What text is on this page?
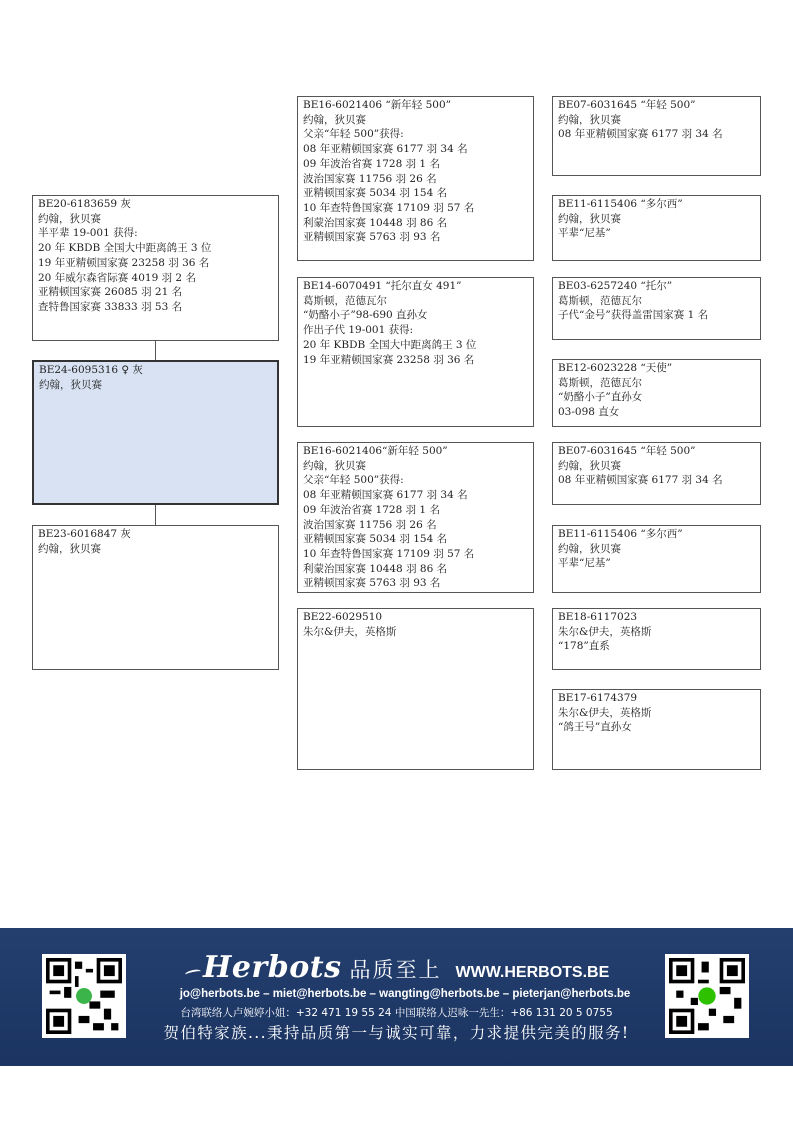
BE20-6183659 灰
约翰，狄贝赛
半平辈 19-001 获得:
20 年 KBDB 全国大中距离鸽王 3 位
19 年亚精顿国家赛 23258 羽 36 名
20 年威尔森省际赛 4019 羽 2 名
亚精顿国家赛 26085 羽 21 名
查特鲁国家赛 33833 羽 53 名
BE24-6095316 ♀ 灰
约翰，狄贝赛
BE23-6016847 灰
约翰，狄贝赛
BE16-6021406 “新年轻 500”
约翰，狄贝赛
父亲“年轻 500”获得:
08 年亚精顿国家赛 6177 羽 34 名
09 年波治省赛 1728 羽 1 名
波治国家赛 11756 羽 26 名
亚精顿国家赛 5034 羽 154 名
10 年查特鲁国家赛 17109 羽 57 名
利蒙治国家赛 10448 羽 86 名
亚精顿国家赛 5763 羽 93 名
BE14-6070491 “托尔直女 491”
葛斯顿，范德瓦尔
“奶酪小子”98-690 直孙女
作出子代 19-001 获得:
20 年 KBDB 全国大中距离鸽王 3 位
19 年亚精顿国家赛 23258 羽 36 名
BE16-6021406“新年轻 500”
约翰，狄贝赛
父亲“年轻 500”获得:
08 年亚精顿国家赛 6177 羽 34 名
09 年波治省赛 1728 羽 1 名
波治国家赛 11756 羽 26 名
亚精顿国家赛 5034 羽 154 名
10 年查特鲁国家赛 17109 羽 57 名
利蒙治国家赛 10448 羽 86 名
亚精顿国家赛 5763 羽 93 名
BE22-6029510
朱尔&伊夫，英格斯
BE07-6031645 “年轻 500”
约翰，狄贝赛
08 年亚精顿国家赛 6177 羽 34 名
BE11-6115406 “多尔西”
约翰，狄贝赛
平辈“尼基”
BE03-6257240 “托尔”
葛斯顿，范德瓦尔
子代“金号”获得盖雷国家赛 1 名
BE12-6023228 “天使”
葛斯顿，范德瓦尔
“奶酪小子”直孙女
03-098 直女
BE07-6031645 “年轻 500”
约翰，狄贝赛
08 年亚精顿国家赛 6177 羽 34 名
BE11-6115406 “多尔西”
约翰，狄贝赛
平辈“尼基”
BE18-6117023
朱尔&伊夫，英格斯
“178”直系
BE17-6174379
朱尔&伊夫，英格斯
“鸽王号”直孙女
Herbots 品质至上 WWW.HERBOTS.BE
jo@herbots.be – miet@herbots.be – wangting@herbots.be – pieterjan@herbots.be
台湾联络人卢婉婷小姐：+32 471 19 55 24 中国联络人迟咏一先生：+86 131 20 5 0755
贺伯特家族...秉持品质第一与诚实可靠，力求提供完美的服务!
